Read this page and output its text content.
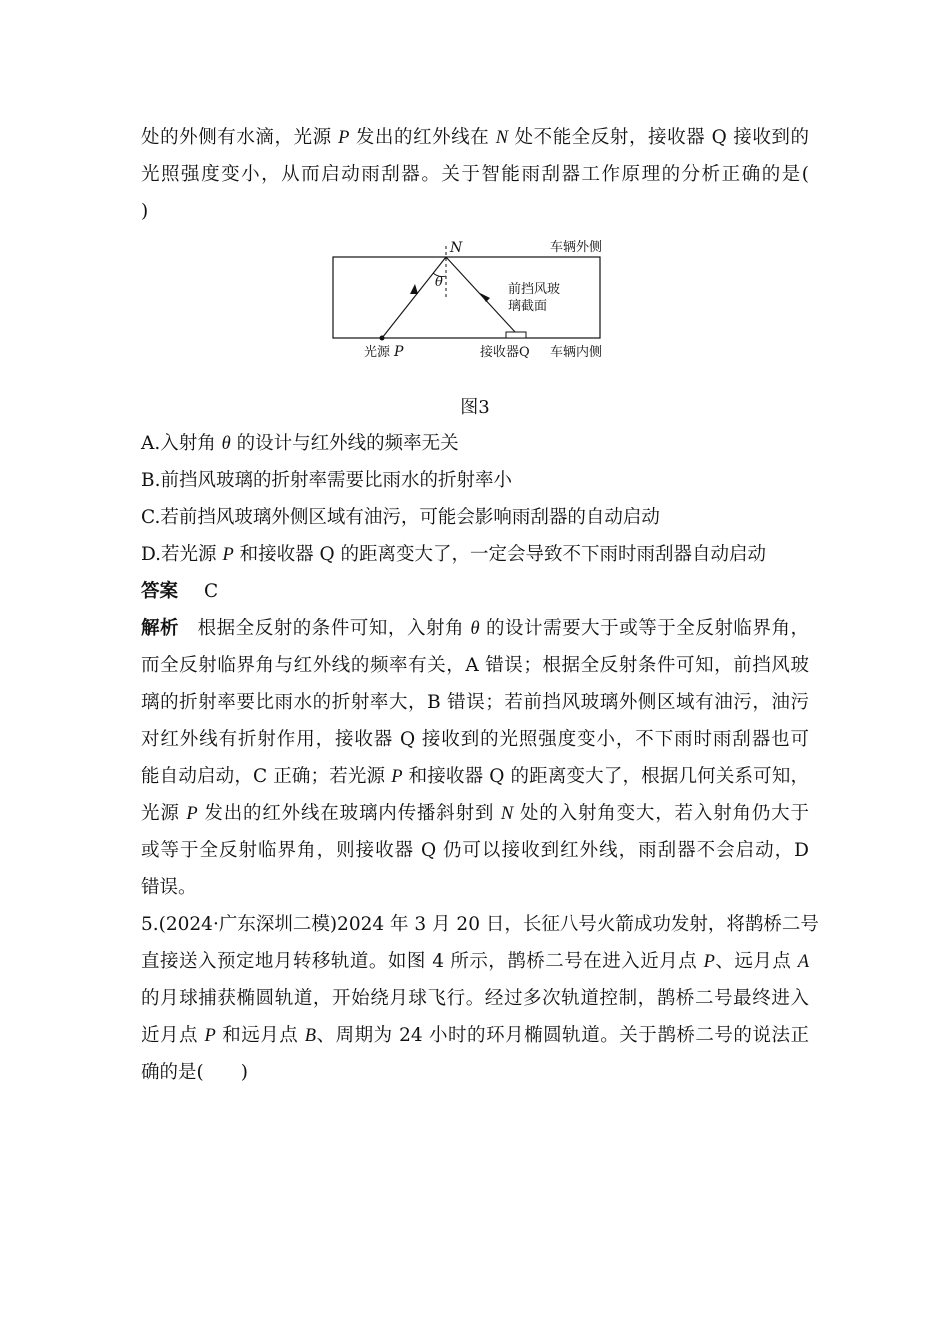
处的外侧有水滴，光源 P 发出的红外线在 N 处不能全反射，接收器 Q 接收到的
光照强度变小，从而启动雨刮器。关于智能雨刮器工作原理的分析正确的是(
)
N
θ
车辆外侧
前挡风玻
璃截面
光源 P	接收器Q 车辆内侧
图3
A.入射角 θ 的设计与红外线的频率无关
B.前挡风玻璃的折射率需要比雨水的折射率小
C.若前挡风玻璃外侧区域有油污，可能会影响雨刮器的自动启动
D.若光源 P 和接收器 Q 的距离变大了，一定会导致不下雨时雨刮器自动启动
答案 C
解析 根据全反射的条件可知，入射角 θ 的设计需要大于或等于全反射临界角，
而全反射临界角与红外线的频率有关，A 错误；根据全反射条件可知，前挡风玻
璃的折射率要比雨水的折射率大，B 错误；若前挡风玻璃外侧区域有油污，油污
对红外线有折射作用，接收器 Q 接收到的光照强度变小，不下雨时雨刮器也可
能自动启动，C 正确；若光源 P 和接收器 Q 的距离变大了，根据几何关系可知，
光源 P 发出的红外线在玻璃内传播斜射到 N 处的入射角变大，若入射角仍大于
或等于全反射临界角，则接收器 Q 仍可以接收到红外线，雨刮器不会启动，D
错误。
5.(2024·广东深圳二模)2024 年 3 月 20 日，长征八号火箭成功发射，将鹊桥二号
直接送入预定地月转移轨道。如图 4 所示，鹊桥二号在进入近月点 P、远月点 A
的月球捕获椭圆轨道，开始绕月球飞行。经过多次轨道控制，鹊桥二号最终进入
近月点 P 和远月点 B、周期为 24 小时的环月椭圆轨道。关于鹊桥二号的说法正
确的是(　　)
